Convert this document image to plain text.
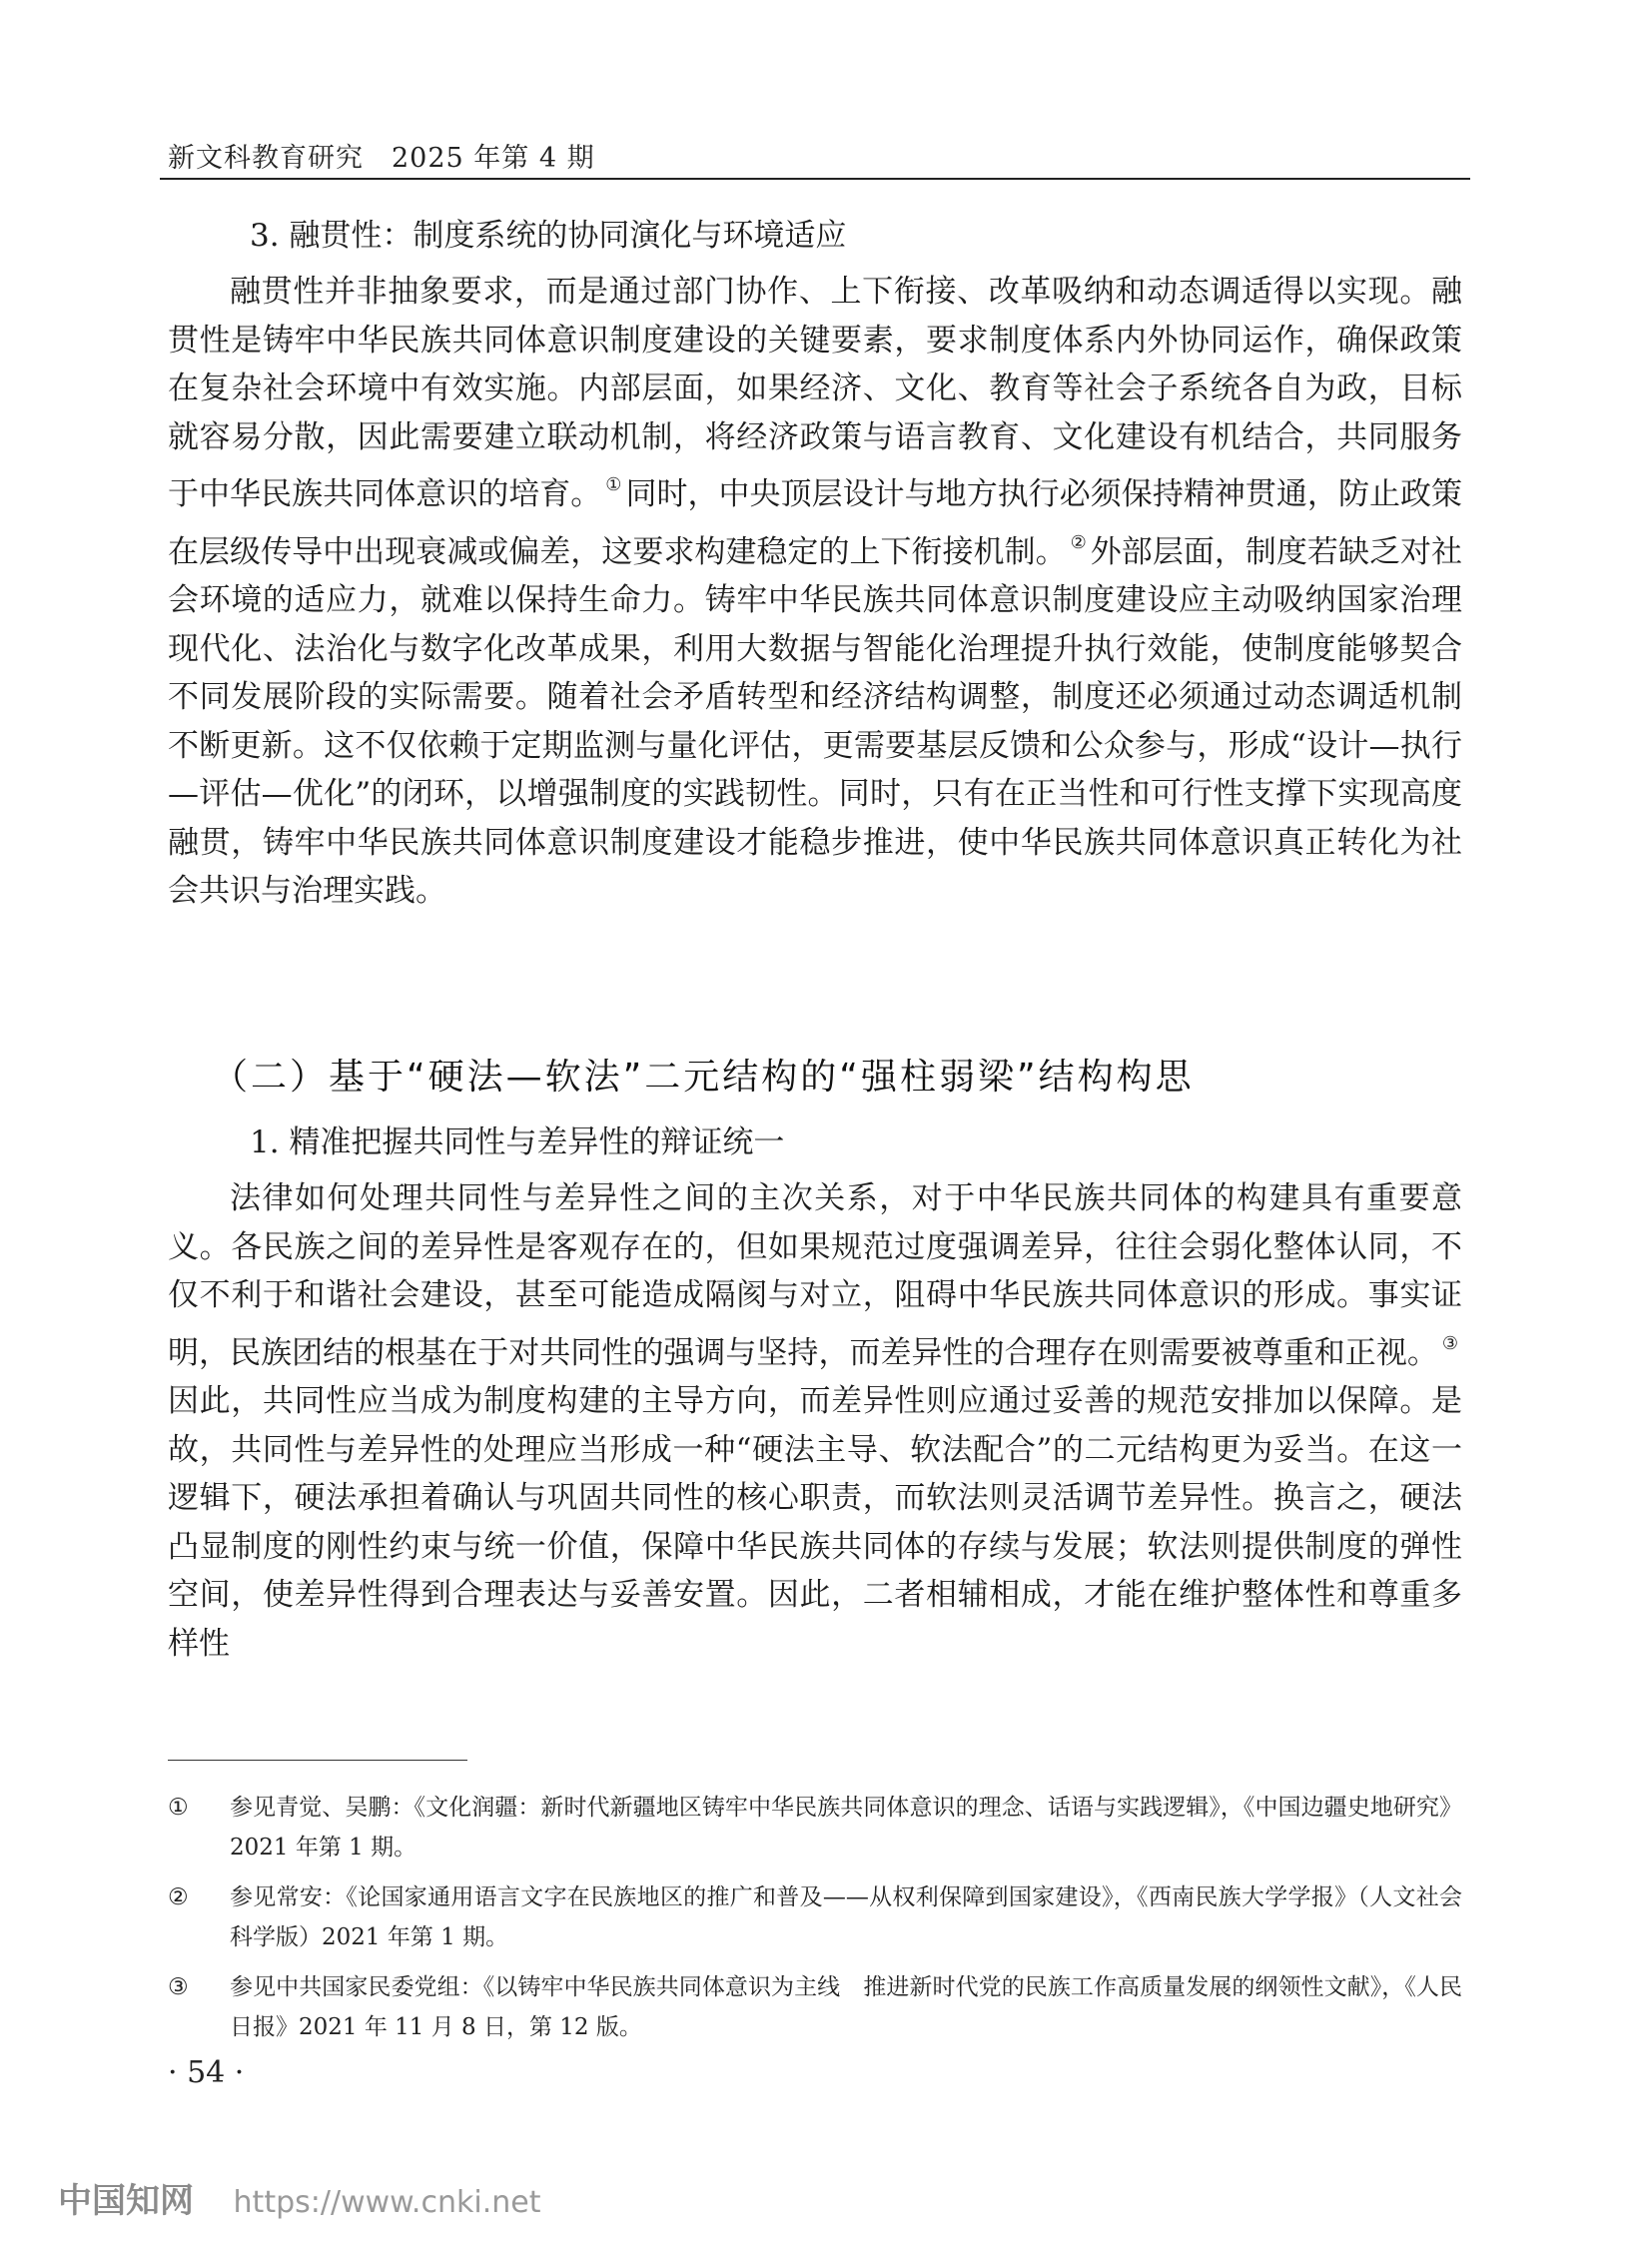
新文科教育研究　2025 年第 4 期
3. 融贯性：制度系统的协同演化与环境适应

融贯性并非抽象要求，而是通过部门协作、上下衔接、改革吸纳和动态调适得以实现。融贯性是铸牢中华民族共同体意识制度建设的关键要素，要求制度体系内外协同运作，确保政策在复杂社会环境中有效实施。内部层面，如果经济、文化、教育等社会子系统各自为政，目标就容易分散，因此需要建立联动机制，将经济政策与语言教育、文化建设有机结合，共同服务于中华民族共同体意识的培育。 ① 同时，中央顶层设计与地方执行必须保持精神贯通，防止政策在层级传导中出现衰减或偏差，这要求构建稳定的上下衔接机制。 ② 外部层面，制度若缺乏对社会环境的适应力，就难以保持生命力。铸牢中华民族共同体意识制度建设应主动吸纳国家治理现代化、法治化与数字化改革成果，利用大数据与智能化治理提升执行效能，使制度能够契合不同发展阶段的实际需要。随着社会矛盾转型和经济结构调整，制度还必须通过动态调适机制不断更新。这不仅依赖于定期监测与量化评估，更需要基层反馈和公众参与，形成“设计—执行—评估—优化”的闭环，以增强制度的实践韧性。同时，只有在正当性和可行性支撑下实现高度融贯，铸牢中华民族共同体意识制度建设才能稳步推进，使中华民族共同体意识真正转化为社会共识与治理实践。

（二）基于“硬法—软法”二元结构的“强柱弱梁”结构构思
1. 精准把握共同性与差异性的辩证统一

法律如何处理共同性与差异性之间的主次关系，对于中华民族共同体的构建具有重要意义。各民族之间的差异性是客观存在的，但如果规范过度强调差异，往往会弱化整体认同，不仅不利于和谐社会建设，甚至可能造成隔阂与对立，阻碍中华民族共同体意识的形成。事实证明，民族团结的根基在于对共同性的强调与坚持，而差异性的合理存在则需要被尊重和正视。 ③因此，共同性应当成为制度构建的主导方向，而差异性则应通过妥善的规范安排加以保障。是故，共同性与差异性的处理应当形成一种“硬法主导、软法配合”的二元结构更为妥当。在这一逻辑下，硬法承担着确认与巩固共同性的核心职责，而软法则灵活调节差异性。换言之，硬法凸显制度的刚性约束与统一价值，保障中华民族共同体的存续与发展；软法则提供制度的弹性空间，使差异性得到合理表达与妥善安置。因此，二者相辅相成，才能在维护整体性和尊重多样性

①	参见青觉、吴鹏：《文化润疆：新时代新疆地区铸牢中华民族共同体意识的理念、话语与实践逻辑》，《中国边疆史地研究》2021 年第 1 期。
②	参见常安：《论国家通用语言文字在民族地区的推广和普及——从权利保障到国家建设》，《西南民族大学学报》（人文社会科学版）2021 年第 1 期。
③	参见中共国家民委党组：《以铸牢中华民族共同体意识为主线　推进新时代党的民族工作高质量发展的纲领性文献》，《人民日报》2021 年 11 月 8 日，第 12 版。
· 54 ·
中国知网 https://www.cnki.net
